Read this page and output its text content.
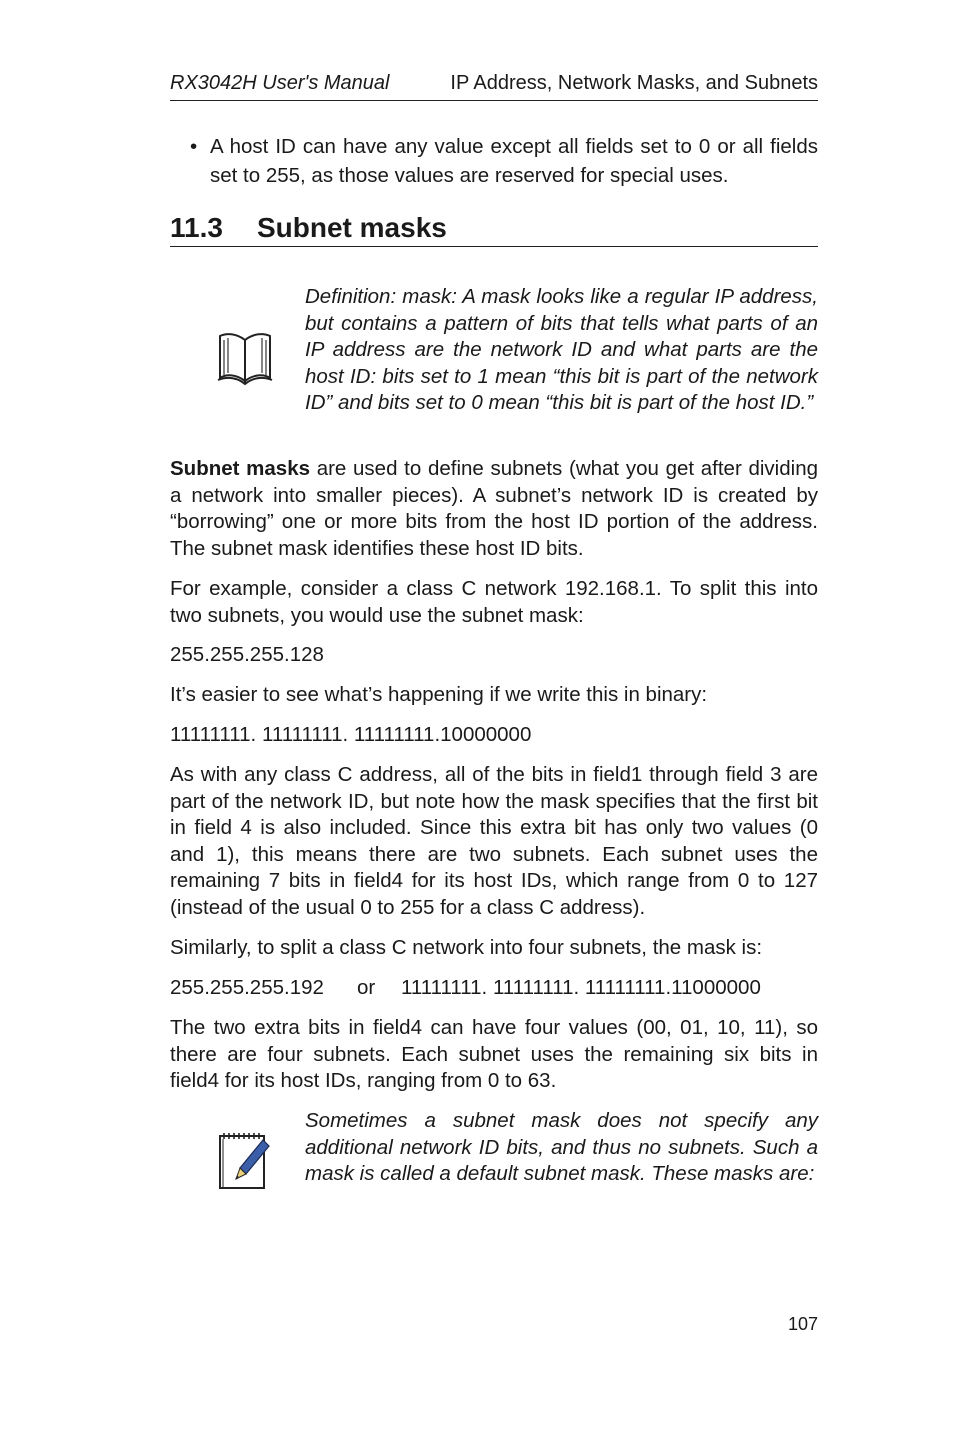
RX3042H User's Manual	IP Address, Network Masks, and Subnets
• A host ID can have any value except all fields set to 0 or all fields set to 255, as those values are reserved for special uses.
11.3 Subnet masks
Definition: mask: A mask looks like a regular IP address, but contains a pattern of bits that tells what parts of an IP address are the network ID and what parts are the host ID: bits set to 1 mean “this bit is part of the network ID” and bits set to 0 mean “this bit is part of the host ID.”

Subnet masks are used to define subnets (what you get after dividing a network into smaller pieces). A subnet’s network ID is created by “borrowing” one or more bits from the host ID portion of the address. The subnet mask identifies these host ID bits.

For example, consider a class C network 192.168.1. To split this into two subnets, you would use the subnet mask:

255.255.255.128

It’s easier to see what’s happening if we write this in binary:

11111111. 11111111. 11111111.10000000

As with any class C address, all of the bits in field1 through field 3 are part of the network ID, but note how the mask specifies that the first bit in field 4 is also included. Since this extra bit has only two values (0 and 1), this means there are two subnets. Each subnet uses the remaining 7 bits in field4 for its host IDs, which range from 0 to 127 (instead of the usual 0 to 255 for a class C address).

Similarly, to split a class C network into four subnets, the mask is:

255.255.255.192 or 11111111. 11111111. 11111111.11000000

The two extra bits in field4 can have four values (00, 01, 10, 11), so there are four subnets. Each subnet uses the remaining six bits in field4 for its host IDs, ranging from 0 to 63.

Sometimes a subnet mask does not specify any additional network ID bits, and thus no subnets. Such a mask is called a default subnet mask. These masks are:
107
